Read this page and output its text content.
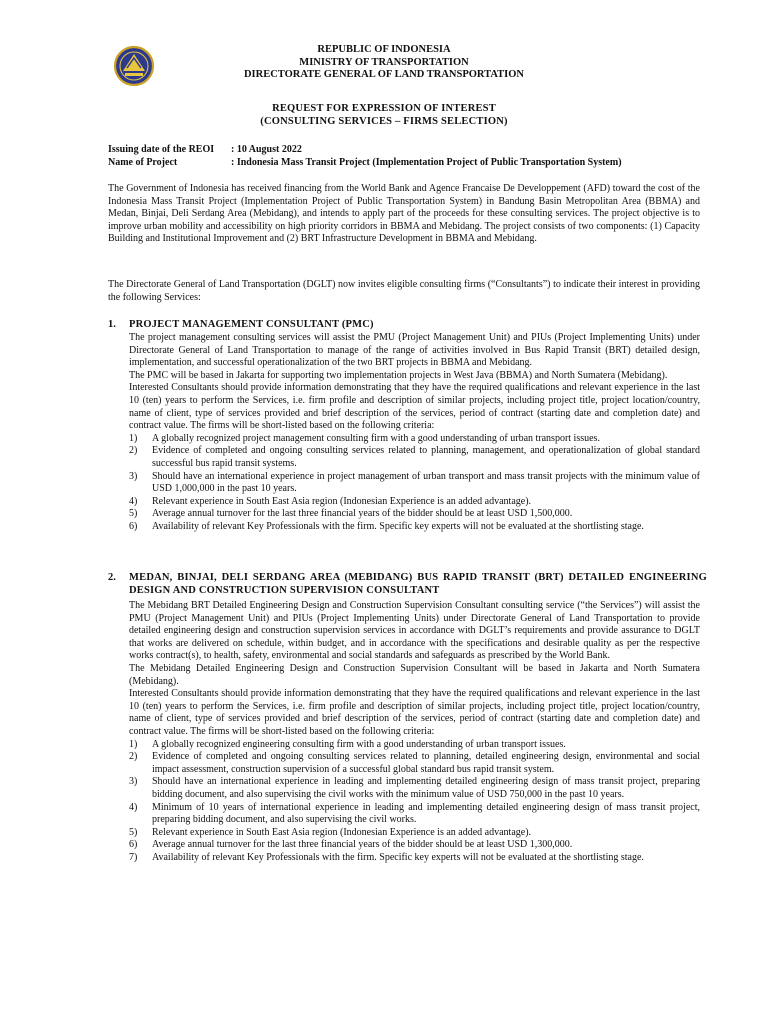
REPUBLIC OF INDONESIA
MINISTRY OF TRANSPORTATION
DIRECTORATE GENERAL OF LAND TRANSPORTATION
REQUEST FOR EXPRESSION OF INTEREST
(CONSULTING SERVICES – FIRMS SELECTION)
Issuing date of the REOI : 10 August 2022
Name of Project	: Indonesia Mass Transit Project (Implementation Project of Public Transportation System)
The Government of Indonesia has received financing from the World Bank and Agence Francaise De Developpement (AFD) toward the cost of the Indonesia Mass Transit Project (Implementation Project of Public Transportation System) in Bandung Basin Metropolitan Area (BBMA) and Medan, Binjai, Deli Serdang Area (Mebidang), and intends to apply part of the proceeds for these consulting services. The project objective is to improve urban mobility and accessibility on high priority corridors in BBMA and Mebidang. The project consists of two components: (1) Capacity Building and Institutional Improvement and (2) BRT Infrastructure Development in BBMA and Mebidang.
The Directorate General of Land Transportation (DGLT) now invites eligible consulting firms (“Consultants”) to indicate their interest in providing the following Services:
1. PROJECT MANAGEMENT CONSULTANT (PMC)

The project management consulting services will assist the PMU (Project Management Unit) and PIUs (Project Implementing Units) under Directorate General of Land Transportation to manage of the range of activities involved in Bus Rapid Transit (BRT) detailed design, implementation, and successful operationalization of the two BRT projects in BBMA and Mebidang.

The PMC will be based in Jakarta for supporting two implementation projects in West Java (BBMA) and North Sumatera (Mebidang).

Interested Consultants should provide information demonstrating that they have the required qualifications and relevant experience in the last 10 (ten) years to perform the Services, i.e. firm profile and description of similar projects, including project title, project location/country, name of client, type of services provided and brief description of the services, period of contract (starting date and completion date) and contract value. The firms will be short-listed based on the following criteria:

1) A globally recognized project management consulting firm with a good understanding of urban transport issues.
2) Evidence of completed and ongoing consulting services related to planning, management, and operationalization of global standard successful bus rapid transit systems.
3) Should have an international experience in project management of urban transport and mass transit projects with the minimum value of USD 1,000,000 in the past 10 years.
4) Relevant experience in South East Asia region (Indonesian Experience is an added advantage).
5) Average annual turnover for the last three financial years of the bidder should be at least USD 1,500,000.
6) Availability of relevant Key Professionals with the firm. Specific key experts will not be evaluated at the shortlisting stage.
2. MEDAN, BINJAI, DELI SERDANG AREA (MEBIDANG) BUS RAPID TRANSIT (BRT) DETAILED ENGINEERING DESIGN AND CONSTRUCTION SUPERVISION CONSULTANT

The Mebidang BRT Detailed Engineering Design and Construction Supervision Consultant consulting service (“the Services”) will assist the PMU (Project Management Unit) and PIUs (Project Implementing Units) under Directorate General of Land Transportation to provide detailed engineering design and construction supervision services in accordance with DGLT’s requirements and provide assurance to DGLT that works are delivered on schedule, within budget, and in accordance with the specifications and desirable quality as per the respective works contract(s), to health, safety, environmental and social standards and safeguards as prescribed by the World Bank.

The Mebidang Detailed Engineering Design and Construction Supervision Consultant will be based in Jakarta and North Sumatera (Mebidang).

Interested Consultants should provide information demonstrating that they have the required qualifications and relevant experience in the last 10 (ten) years to perform the Services, i.e. firm profile and description of similar projects, including project title, project location/country, name of client, type of services provided and brief description of the services, period of contract (starting date and completion date) and contract value. The firms will be short-listed based on the following criteria:

1) A globally recognized engineering consulting firm with a good understanding of urban transport issues.
2) Evidence of completed and ongoing consulting services related to planning, detailed engineering design, environmental and social impact assessment, construction supervision of a successful global standard bus rapid transit system.
3) Should have an international experience in leading and implementing detailed engineering design of mass transit project, preparing bidding document, and also supervising the civil works with the minimum value of USD 750,000 in the past 10 years.
4) Minimum of 10 years of international experience in leading and implementing detailed engineering design of mass transit project, preparing bidding document, and also supervising the civil works.
5) Relevant experience in South East Asia region (Indonesian Experience is an added advantage).
6) Average annual turnover for the last three financial years of the bidder should be at least USD 1,300,000.
7) Availability of relevant Key Professionals with the firm. Specific key experts will not be evaluated at the shortlisting stage.
